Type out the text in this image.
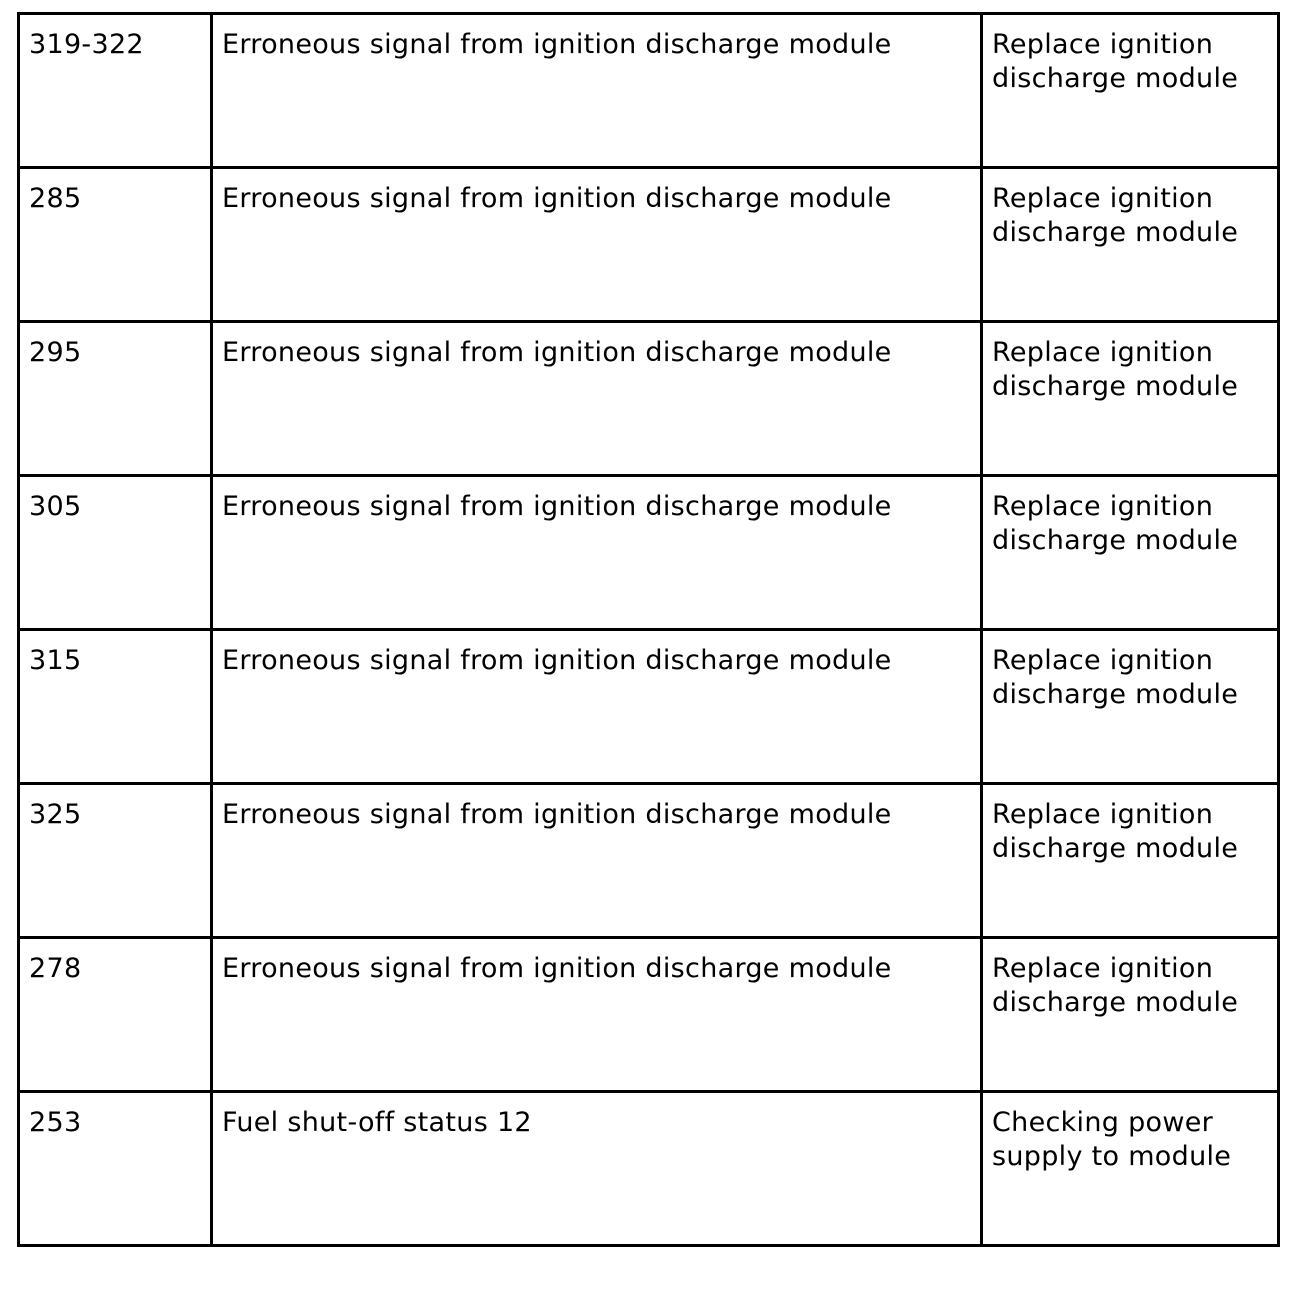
319-322	Erroneous signal from ignition discharge module	Replace ignition
discharge module
285	Erroneous signal from ignition discharge module	Replace ignition
discharge module
295	Erroneous signal from ignition discharge module	Replace ignition
discharge module
305	Erroneous signal from ignition discharge module	Replace ignition
discharge module
315	Erroneous signal from ignition discharge module	Replace ignition
discharge module
325	Erroneous signal from ignition discharge module	Replace ignition
discharge module
278	Erroneous signal from ignition discharge module	Replace ignition
discharge module
253	Fuel shut-off status 12	Checking power
supply to module
